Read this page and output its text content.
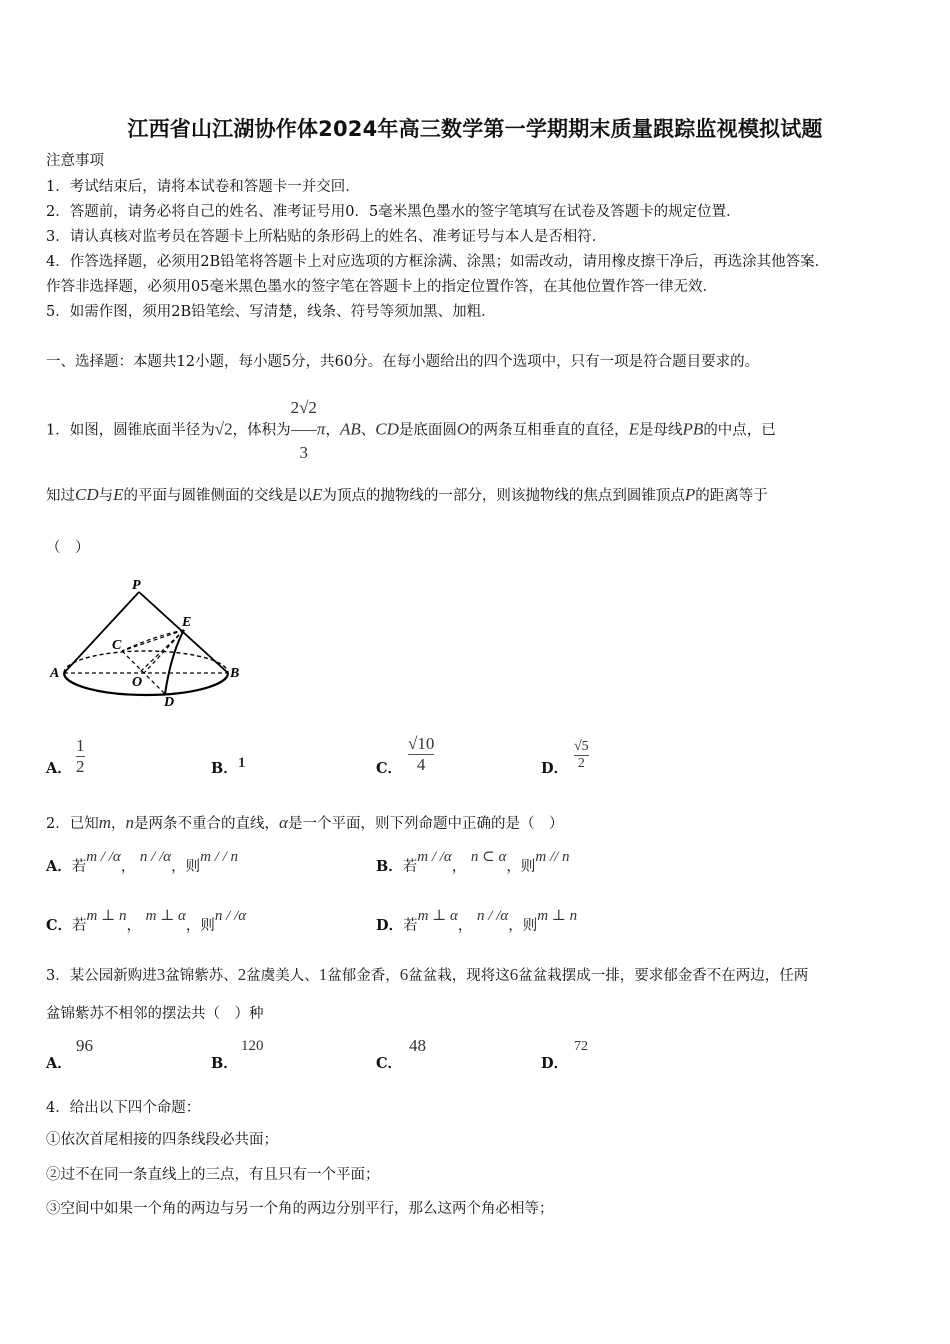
江西省山江湖协作体2024年高三数学第一学期期末质量跟踪监视模拟试题
注意事项
1．考试结束后，请将本试卷和答题卡一并交回．
2．答题前，请务必将自己的姓名、准考证号用0．5毫米黑色墨水的签字笔填写在试卷及答题卡的规定位置．
3．请认真核对监考员在答题卡上所粘贴的条形码上的姓名、准考证号与本人是否相符．
4．作答选择题，必须用2B铅笔将答题卡上对应选项的方框涂满、涂黑；如需改动，请用橡皮擦干净后，再选涂其他答案．
作答非选择题，必须用05毫米黑色墨水的签字笔在答题卡上的指定位置作答，在其他位置作答一律无效．
5．如需作图，须用2B铅笔绘、写清楚，线条、符号等须加黑、加粗．
一、选择题：本题共12小题，每小题5分，共60分。在每小题给出的四个选项中，只有一项是符合题目要求的。
1．如图，圆锥底面半径为√2，体积为 $\frac{2√2}{3}$ π，AB、CD是底面圆O的两条互相垂直的直径，E是母线PB的中点，已
知过CD与E的平面与圆锥侧面的交线是以E为顶点的抛物线的一部分，则该抛物线的焦点到圆锥顶点P的距离等于
（　）
P
E
C
A
O
B
D
A． $\frac{1}{2}$	B． 1	C． $\frac{√10}{4}$	D． $\frac{√5}{2}$
2．已知m，n是两条不重合的直线，α是一个平面，则下列命题中正确的是（　）
A．若m / /α， n / /α，则m / / n
B．若m / /α， n ⊂ α，则m // n
C．若m ⊥ n， m ⊥ α，则n / /α
D．若m ⊥ α， n / /α，则m ⊥ n
3．某公园新购进3盆锦紫苏、2盆虞美人、1盆郁金香，6盆盆栽，现将这6盆盆栽摆成一排，要求郁金香不在两边，任两
盆锦紫苏不相邻的摆法共（　）种
A．
96
B．
120
C．
48
D．
72
4．给出以下四个命题：
①依次首尾相接的四条线段必共面；
②过不在同一条直线上的三点，有且只有一个平面；
③空间中如果一个角的两边与另一个角的两边分别平行，那么这两个角必相等；
